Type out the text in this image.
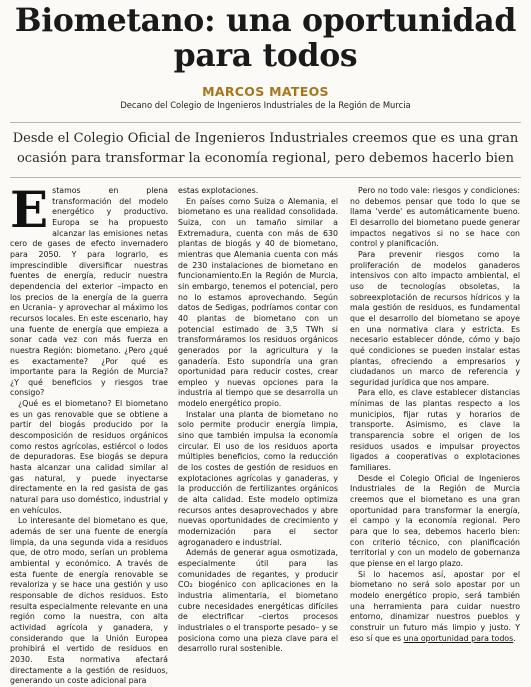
Biometano: una oportunidad
para todos
MARCOS MATEOS
Decano del Colegio de Ingenieros Industriales de la Región de Murcia
Desde el Colegio Oficial de Ingenieros Industriales creemos que es una gran ocasión para transformar la economía regional, pero debemos hacerlo bien

Estamos en plena transformación del modelo energético y productivo. Europa se ha propuesto alcanzar las emisiones netas cero de gases de efecto invernadero para 2050. Y para lograrlo, es imprescindible diversificar nuestras fuentes de energía, reducir nuestra dependencia del exterior –impacto en los precios de la energía de la guerra en Ucrania– y aprovechar al máximo los recursos locales. En este escenario, hay una fuente de energía que empieza a sonar cada vez con más fuerza en nuestra Región: biometano. ¿Pero ¿qué es exactamente? ¿Por qué es importante para la Región de Murcia? ¿Y qué beneficios y riesgos trae consigo?

¿Qué es el biometano? El biometano es un gas renovable que se obtiene a partir del biogás producido por la descomposición de residuos orgánicos como restos agrícolas, estiércol o lodos de depuradoras. Ese biogás se depura hasta alcanzar una calidad similar al gas natural, y puede inyectarse directamente en la red gasista de gas natural para uso doméstico, industrial y en vehículos.

Lo interesante del biometano es que, además de ser una fuente de energía limpia, da una segunda vida a residuos que, de otro modo, serían un problema ambiental y económico. A través de esta fuente de energía renovable se revaloriza y se hace una gestión y uso responsable de dichos residuos. Esto resulta especialmente relevante en una región como la nuestra, con alta actividad agrícola y ganadera, y considerando que la Unión Europea prohibirá el vertido de residuos en 2030. Esta normativa afectará directamente a la gestión de residuos, generando un coste adicional para

estas explotaciones.

En países como Suiza o Alemania, el biometano es una realidad consolidada. Suiza, con un tamaño similar a Extremadura, cuenta con más de 630 plantas de biogás y 40 de biometano, mientras que Alemania cuenta con más de 230 instalaciones de biometano en funcionamiento.En la Región de Murcia, sin embargo, tenemos el potencial, pero no lo estamos aprovechando. Según datos de Sedigas, podríamos contar con 40 plantas de biometano con un potencial estimado de 3,5 TWh si transformáramos los residuos orgánicos generados por la agricultura y la ganadería. Esto supondría una gran oportunidad para reducir costes, crear empleo y nuevas opciones para la industria al tiempo que se desarrolla un modelo energético propio.

Instalar una planta de biometano no solo permite producir energía limpia, sino que también impulsa la economía circular. El uso de los residuos aporta múltiples beneficios, como la reducción de los costes de gestión de residuos en explotaciones agrícolas y ganaderas, y la producción de fertilizantes orgánicos de alta calidad. Este modelo optimiza recursos antes desaprovechados y abre nuevas oportunidades de crecimiento y modernización para el sector agroganadero e industrial.

Además de generar agua osmotizada, especialmente útil para las comunidades de regantes, y producir CO₂ biogénico con aplicaciones en la industria alimentaria, el biometano cubre necesidades energéticas difíciles de electrificar –ciertos procesos industriales o el transporte pesado– y se posiciona como una pieza clave para el desarrollo rural sostenible.

Pero no todo vale: riesgos y condiciones: no debemos pensar que todo lo que se llama 'verde' es automáticamente bueno. El desarrollo del biometano puede generar impactos negativos si no se hace con control y planificación.

Para prevenir riesgos como la proliferación de modelos ganaderos intensivos con alto impacto ambiental, el uso de tecnologías obsoletas, la sobreexplotación de recursos hídricos y la mala gestión de residuos, es fundamental que el desarrollo del biometano se apoye en una normativa clara y estricta. Es necesario establecer dónde, cómo y bajo qué condiciones se pueden instalar estas plantas, ofreciendo a empresarios y ciudadanos un marco de referencia y seguridad jurídica que nos ampare.

Para ello, es clave establecer distancias mínimas de las plantas respecto a los municipios, fijar rutas y horarios de transporte. Asimismo, es clave la transparencia sobre el origen de los residuos usados e impulsar proyectos ligados a cooperativas o explotaciones familiares.

Desde el Colegio Oficial de Ingenieros Industriales de la Región de Murcia creemos que el biometano es una gran oportunidad para transformar la energía, el campo y la economía regional. Pero para que lo sea, debemos hacerlo bien: con criterio técnico, con planificación territorial y con un modelo de gobernanza que piense en el largo plazo.

Si lo hacemos así, apostar por el biometano no será solo apostar por un modelo energético propio, será también una herramienta para cuidar nuestro entorno, dinamizar nuestros pueblos y construir un futuro más limpio y justo. Y eso sí que es una oportunidad para todos.
